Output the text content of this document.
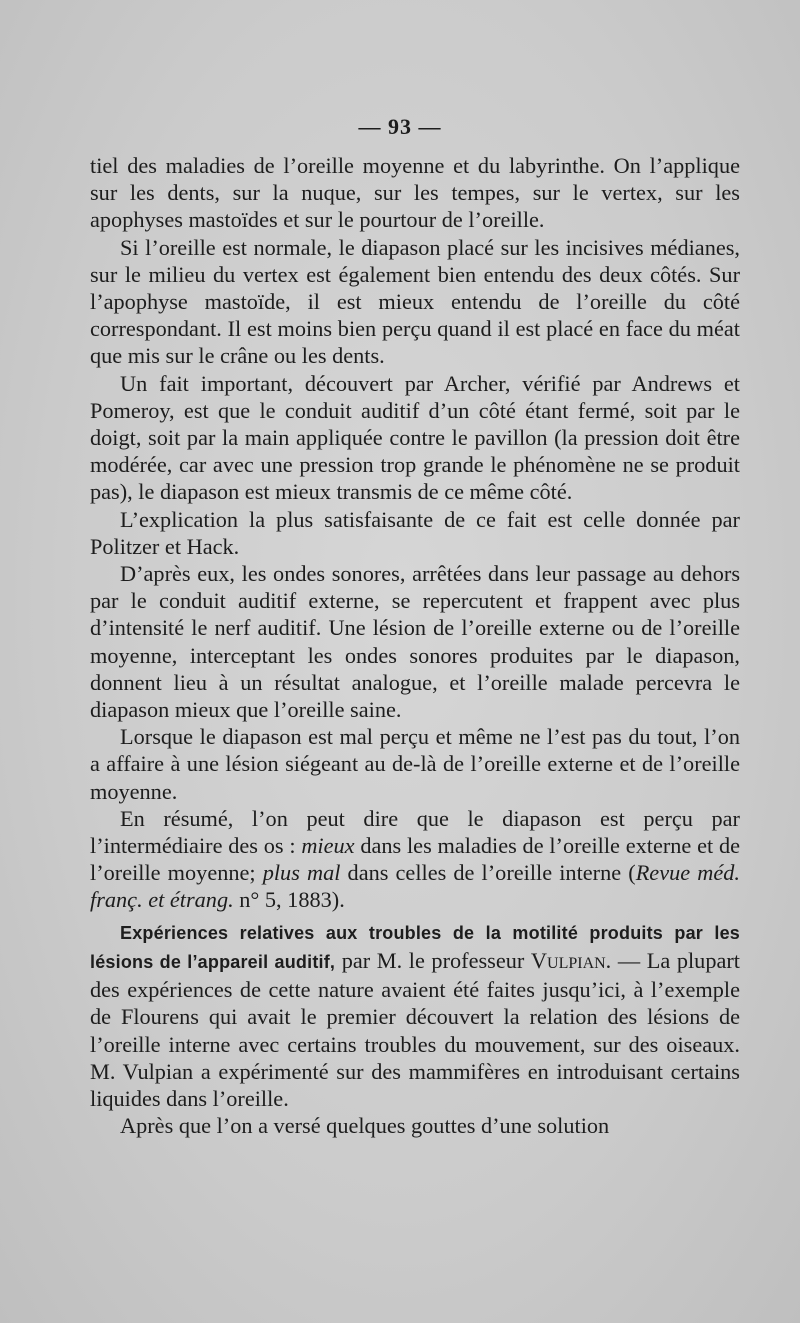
— 93 —

tiel des maladies de l’oreille moyenne et du labyrinthe. On l’applique sur les dents, sur la nuque, sur les tempes, sur le vertex, sur les apophyses mastoïdes et sur le pourtour de l’oreille.

Si l’oreille est normale, le diapason placé sur les incisives médianes, sur le milieu du vertex est également bien entendu des deux côtés. Sur l’apophyse mastoïde, il est mieux entendu de l’oreille du côté correspondant. Il est moins bien perçu quand il est placé en face du méat que mis sur le crâne ou les dents.

Un fait important, découvert par Archer, vérifié par Andrews et Pomeroy, est que le conduit auditif d’un côté étant fermé, soit par le doigt, soit par la main appliquée contre le pavillon (la pression doit être modérée, car avec une pression trop grande le phénomène ne se produit pas), le diapason est mieux transmis de ce même côté.

L’explication la plus satisfaisante de ce fait est celle donnée par Politzer et Hack.

D’après eux, les ondes sonores, arrêtées dans leur passage au dehors par le conduit auditif externe, se repercutent et frappent avec plus d’intensité le nerf auditif. Une lésion de l’oreille externe ou de l’oreille moyenne, interceptant les ondes sonores produites par le diapason, donnent lieu à un résultat analogue, et l’oreille malade percevra le diapason mieux que l’oreille saine.

Lorsque le diapason est mal perçu et même ne l’est pas du tout, l’on a affaire à une lésion siégeant au de-là de l’oreille externe et de l’oreille moyenne.

En résumé, l’on peut dire que le diapason est perçu par l’intermédiaire des os : mieux dans les maladies de l’oreille externe et de l’oreille moyenne; plus mal dans celles de l’oreille interne (Revue méd. franç. et étrang. n° 5, 1883).

Expériences relatives aux troubles de la motilité produits par les lésions de l’appareil auditif, par M. le professeur Vulpian. — La plupart des expériences de cette nature avaient été faites jusqu’ici, à l’exemple de Flourens qui avait le premier découvert la relation des lésions de l’oreille interne avec certains troubles du mouvement, sur des oiseaux. M. Vulpian a expérimenté sur des mammifères en introduisant certains liquides dans l’oreille.

Après que l’on a versé quelques gouttes d’une solution
